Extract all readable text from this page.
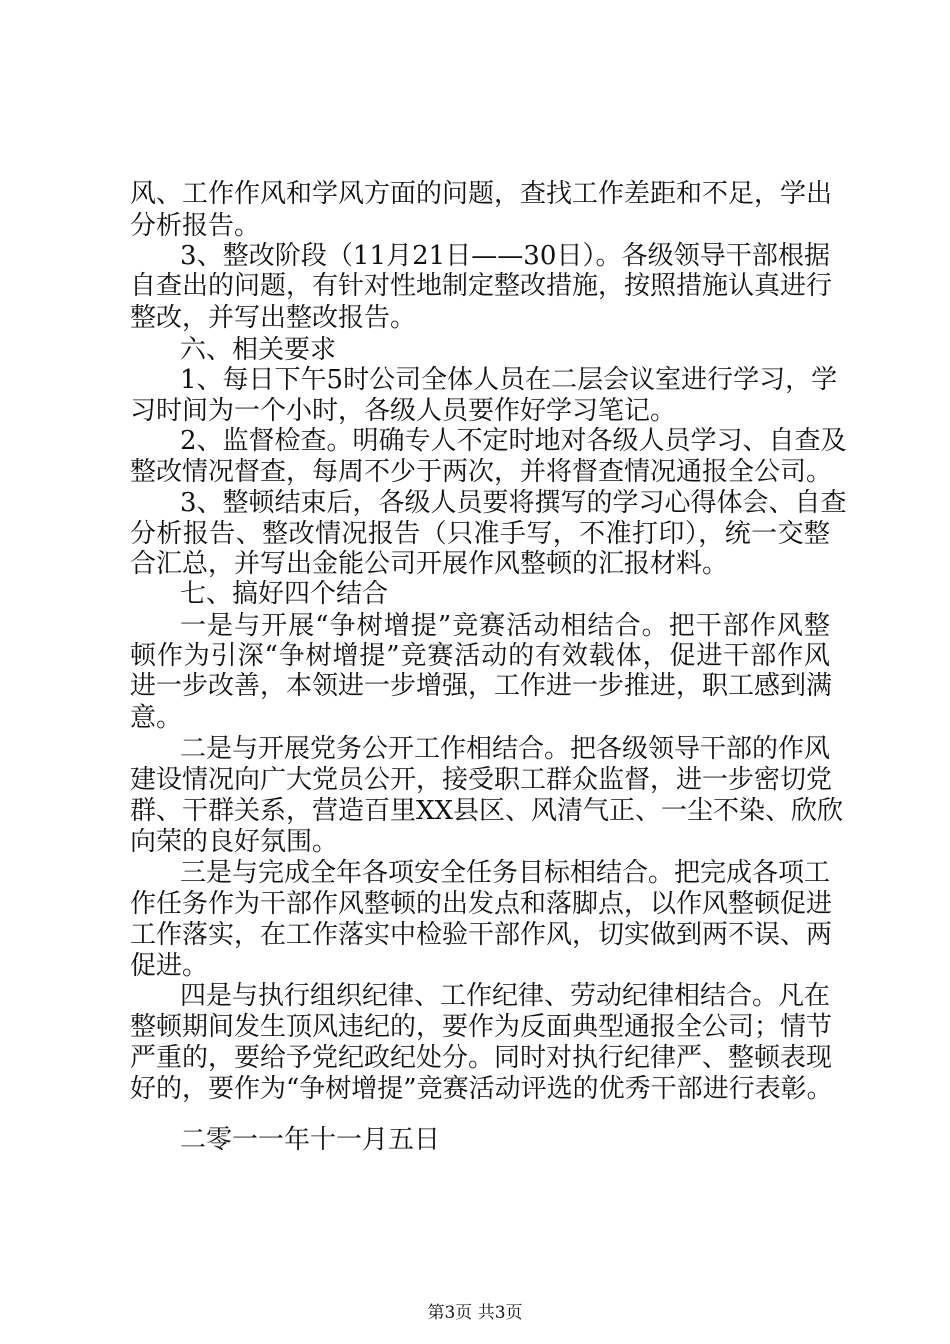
风、工作作风和学风方面的问题，查找工作差距和不足，学出
分析报告。
3、整改阶段（11月21日——30日）。各级领导干部根据
自查出的问题，有针对性地制定整改措施，按照措施认真进行
整改，并写出整改报告。
六、相关要求
1、每日下午5时公司全体人员在二层会议室进行学习，学
习时间为一个小时，各级人员要作好学习笔记。
2、监督检查。明确专人不定时地对各级人员学习、自查及
整改情况督查，每周不少于两次，并将督查情况通报全公司。
3、整顿结束后，各级人员要将撰写的学习心得体会、自查
分析报告、整改情况报告（只准手写，不准打印），统一交整
合汇总，并写出金能公司开展作风整顿的汇报材料。
七、搞好四个结合
一是与开展“争树增提”竞赛活动相结合。把干部作风整
顿作为引深“争树增提”竞赛活动的有效载体，促进干部作风
进一步改善，本领进一步增强，工作进一步推进，职工感到满
意。
二是与开展党务公开工作相结合。把各级领导干部的作风
建设情况向广大党员公开，接受职工群众监督，进一步密切党
群、干群关系，营造百里XX县区、风清气正、一尘不染、欣欣
向荣的良好氛围。
三是与完成全年各项安全任务目标相结合。把完成各项工
作任务作为干部作风整顿的出发点和落脚点，以作风整顿促进
工作落实，在工作落实中检验干部作风，切实做到两不误、两
促进。
四是与执行组织纪律、工作纪律、劳动纪律相结合。凡在
整顿期间发生顶风违纪的，要作为反面典型通报全公司；情节
严重的，要给予党纪政纪处分。同时对执行纪律严、整顿表现
好的，要作为“争树增提”竞赛活动评选的优秀干部进行表彰。
二零一一年十一月五日
第3页 共3页
